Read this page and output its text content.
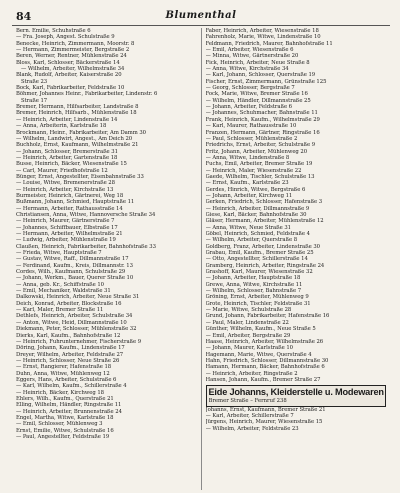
84	Blumenthal
Bern. Emilie, Schuhstraße 6
— Fra. Joseph, Angest. Schulstraße 9
Benecke, Heinrich, Zimmermann, Moorstr. 8
— Hermann, Zimmermeister, Bergstraße 2
Beren, Werner, Rentner, Mühlenstraße 24
Bloss, Karl, Schlosser, Bäckerstraße 14
— Wilhelm, Arbeiter, Wilhelmstraße 34
Blank, Rudolf, Arbeiter, Kaiserstraße 20
Straße 23
Bock, Karl, Fabrikarbeiter, Feldstraße 10
Böhmer, Johannes Heinr., Fabrikarbeiter, Lindenstr. 6
Straße 17
Bremer, Hermann, Hilfsarbeiter, Landstraße 8
Bremer, Heinrich, Hilfsarb., Mühlenstraße 18
— Heinrich, Arbeiter, Lindenstraße 14
— Anna, Arbeiterin, Karlstraße 18
Brockmann, Heinr., Fabrikarbeiter, Am Damm 30
— Wilhelm, Landwirt, Angest., Am Deich 20
Buchholz, Ernst, Kaufmann, Wilhelmstraße 21
— Johann, Schlosser, Bremerstraße 31
— Heinrich, Arbeiter, Gartenstraße 18
Busse, Heinrich, Bäcker, Wiesenstraße 15
— Carl, Maurer, Friedhofstraße 12
Bünger, Ernst, Angestellter, Eisenbahnstraße 33
— Louise, Witwe, Bremenerstraße 28
— Heinrich, Arbeiter, Kirchstraße 13
Burmeister, Heinrich, Gärtnerei, Weg 18
Bußmann, Johann, Schmied, Hauptstraße 11
— Hermann, Arbeiter, Rathausstraße 14
Christiansen, Anna, Witwe, Hannoversche Straße 34
— Heinrich, Maurer, Gärtnerstraße 7
— Johannes, Schiffbauer, Elbstraße 17
— Hermann, Arbeiter, Wilhelmstraße 21
— Ludwig, Arbeiter, Mühlenstraße 19
Claußen, Heinrich, Fabrikarbeiter, Bahnhofstraße 33
— Frieda, Witwe, Hauptstraße 7
— Gustav, Witwe, Raff., Dillmannstraße 17
— Ferdinand, Kaufm., Kreis, Dillmannstr. 13
Cordes, Wilh., Kaufmann, Schulstraße 29
— Johann, Werkm., Bauer, Querer Straße 10
— Anna, geb. Kr., Schiffstraße 10
— Emil, Mechaniker, Waldstraße 31
Dalkowski, Heinrich, Arbeiter, Neue Straße 31
Deich, Konrad, Arbeiter, Blockstraße 16
— Karl, Maler, Bremer Straße 11
Dethlefs, Heinrich, Arbeiter, Schulstraße 34
— Anton, Witwe, Heid, Dillmannstraße 10
Diekmann, Peter, Schlosser, Mühlenstraße 32
Dierks, Karl, Kaufm., Bahnhofstraße 12
— Heinrich, Fuhrunternehmer, Fischerstraße 9
Döring, Johann, Kaufm., Lindenstraße 17
Dreyer, Wilhelm, Arbeiter, Feldstraße 27
— Heinrich, Schlosser, Neue Straße 26
— Ernst, Rangierer, Hafenstraße 18
Duhn, Anna, Witwe, Mühlenweg 12
Eggers, Hans, Arbeiter, Schulstraße 6
— Karl, Wilhelm, Kaufm., Schillerstraße 4
— Heinrich, Bäcker, Kirchweg 18
Ehlers, Wilh., Kaufm., Querstraße 21
Elling, Wilhelm, Händler, Ringstraße 11
— Heinrich, Arbeiter, Brunnenstraße 24
Engel, Martha, Witwe, Karlstraße 18
— Emil, Schlosser, Mühlenweg 3
Ernst, Emilie, Witwe, Schulstraße 16
— Paul, Angestellter, Feldstraße 19
Faber, Heinrich, Arbeiter, Wiesenstraße 18
Fahrenholz, Marie, Witwe, Lindenstraße 10
Feldmann, Friedrich, Maurer, Bahnhofstraße 11
— Emil, Arbeiter, Wiesenstraße 6
— Minna, Witwe, Gärtnerstraße 20
Fick, Heinrich, Arbeiter, Neue Straße 8
— Anna, Witwe, Kirchstraße 34
— Karl, Johann, Schlosser, Querstraße 19
Fischer, Ernst, Zimmermann, Grünstraße 125
— Georg, Schlosser, Bergstraße 7
Fock, Marie, Witwe, Bremer Straße 16
— Wilhelm, Händler, Dillmannstraße 25
— Johann, Arbeiter, Feldstraße 6
— Johannes, Schuhmacher, Bahnstraße 11
Frank, Heinrich, Kaufm., Wilhelmstraße 29
— Karl, Maurer, Rathausstraße 10
Franzen, Hermann, Gärtner, Ringstraße 16
— Paul, Schlosser, Mühlenstraße 2
Friedrichs, Ernst, Arbeiter, Schulstraße 9
Fritz, Johann, Arbeiter, Mühlenweg 20
— Anna, Witwe, Lindenstraße 8
Fuchs, Emil, Arbeiter, Bremer Straße 19
— Heinrich, Maler, Wiesenstraße 22
Gaede, Wilhelm, Tischler, Schulstraße 13
— Ernst, Kaufm., Karlstraße 23
Gerdes, Hinrich, Witwe, Bergstraße 6
— Johann, Arbeiter, Kirchweg 11
Gerken, Friedrich, Schlosser, Hafenstraße 3
— Heinrich, Arbeiter, Dillmannstraße 9
Giese, Karl, Bäcker, Bahnhofstraße 30
Gläser, Hermann, Arbeiter, Mühlenstraße 12
— Anna, Witwe, Neue Straße 31
Göbel, Heinrich, Schmied, Feldstraße 4
— Wilhelm, Arbeiter, Querstraße 8
Goldberg, Franz, Arbeiter, Lindenstraße 30
Grabau, Emil, Kaufm., Bremer Straße 25
— Otto, Angestellter, Schillerstraße 14
Gramberg, Heinrich, Arbeiter, Ringstraße 24
Grashoff, Karl, Maurer, Wiesenstraße 32
— Johann, Arbeiter, Hauptstraße 18
Grewe, Anna, Witwe, Kirchstraße 11
— Wilhelm, Schlosser, Bahnstraße 7
Gröning, Ernst, Arbeiter, Mühlenweg 9
Grote, Heinrich, Tischler, Feldstraße 31
— Marie, Witwe, Schulstraße 28
Grund, Johann, Fabrikarbeiter, Hafenstraße 16
— Paul, Maler, Lindenstraße 22
Günther, Wilhelm, Kaufm., Neue Straße 5
— Emil, Arbeiter, Bergstraße 29
Haase, Heinrich, Arbeiter, Wilhelmstraße 26
— Johann, Maurer, Karlstraße 10
Hagemann, Marie, Witwe, Querstraße 4
Hahn, Friedrich, Schlosser, Dillmannstraße 30
Hamann, Hermann, Bäcker, Bahnhofstraße 6
— Heinrich, Arbeiter, Ringstraße 2
Hansen, Johann, Kaufm., Bremer Straße 27
Eide Johanns, Kleiderstelle u. Modewaren
Bremer Straße – Fernruf 238
Johanns, Ernst, Kaufmann, Bremer Straße 21
— Karl, Arbeiter, Schillerstraße 7
Jürgens, Heinrich, Maurer, Wiesenstraße 15
— Wilhelm, Arbeiter, Feldstraße 23
